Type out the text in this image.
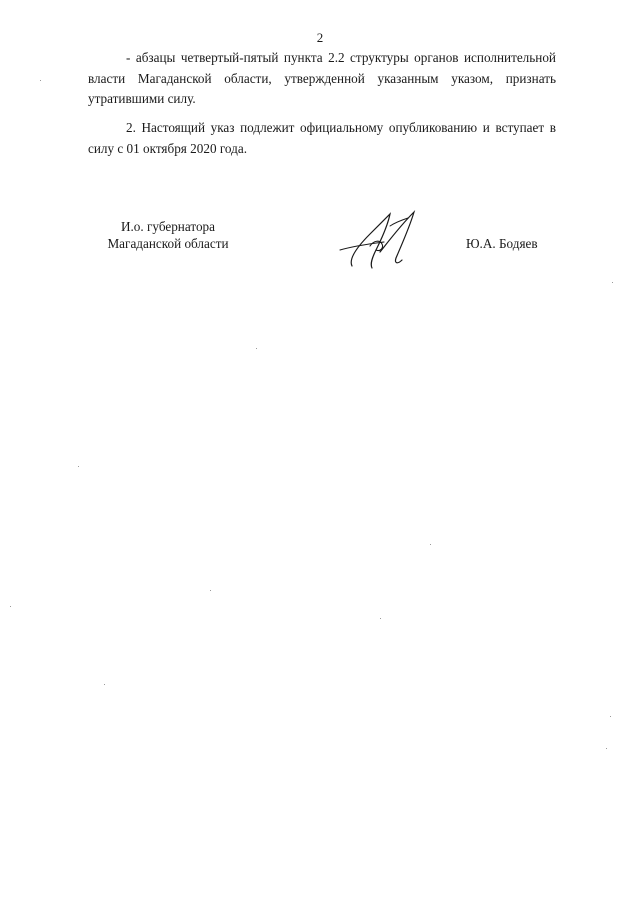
2

- абзацы четвертый-пятый пункта 2.2 структуры органов исполнительной власти Магаданской области, утвержденной указанным указом, признать утратившими силу.

2. Настоящий указ подлежит официальному опубликованию и вступает в силу с 01 октября 2020 года.

И.о. губернатора
Магаданской области	Ю.А. Бодяев
